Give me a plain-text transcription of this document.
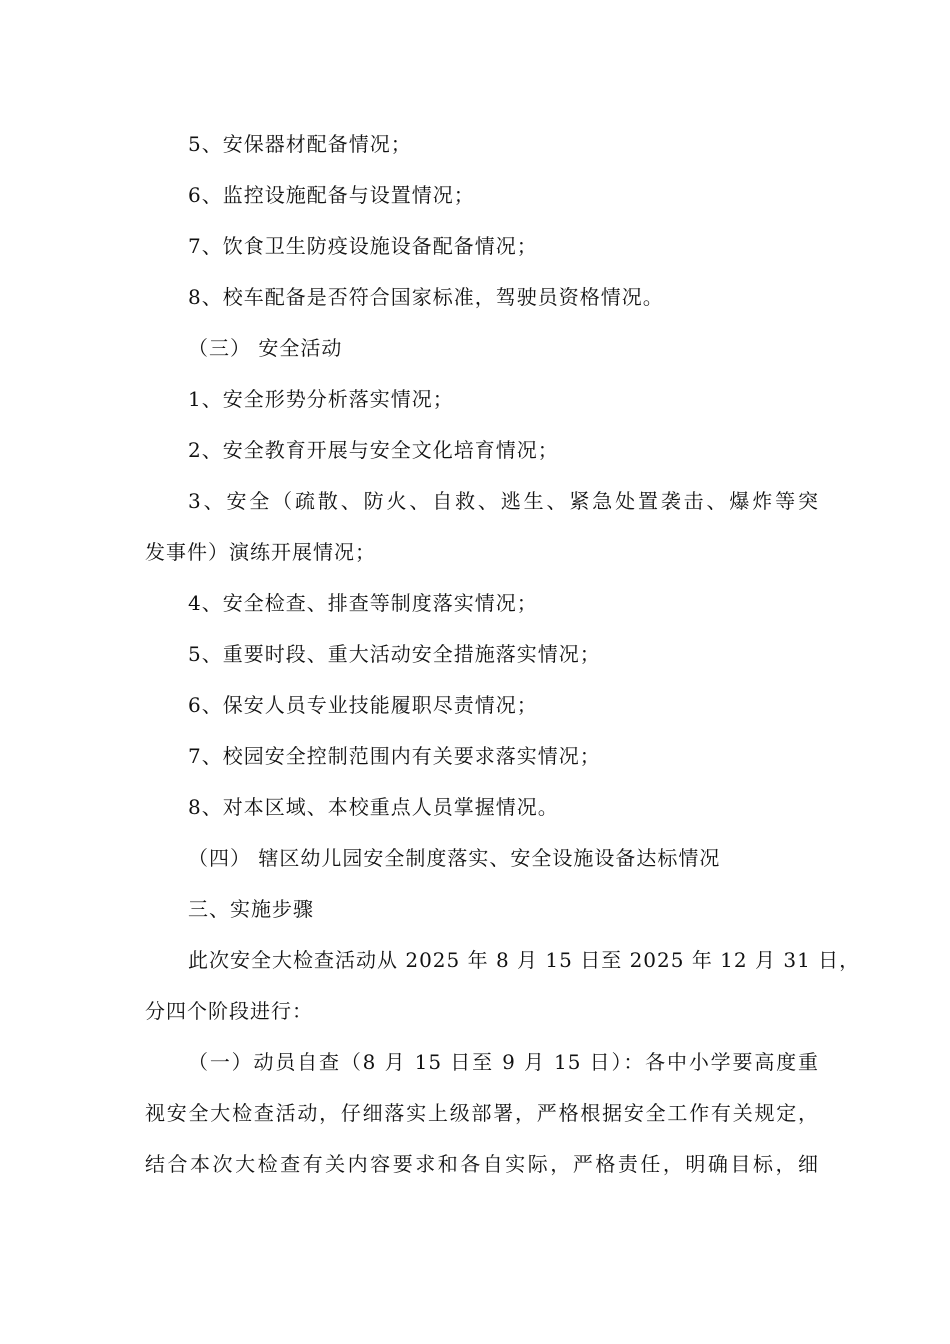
5、安保器材配备情况；
6、监控设施配备与设置情况；
7、饮食卫生防疫设施设备配备情况；
8、校车配备是否符合国家标准，驾驶员资格情况。
（三） 安全活动
1、安全形势分析落实情况；
2、安全教育开展与安全文化培育情况；
3、安全（疏散、防火、自救、逃生、紧急处置袭击、爆炸等突
发事件）演练开展情况；
4、安全检查、排查等制度落实情况；
5、重要时段、重大活动安全措施落实情况；
6、保安人员专业技能履职尽责情况；
7、校园安全控制范围内有关要求落实情况；
8、对本区域、本校重点人员掌握情况。
（四） 辖区幼儿园安全制度落实、安全设施设备达标情况
三、实施步骤
此次安全大检查活动从 2025 年 8 月 15 日至 2025 年 12 月 31 日，
分四个阶段进行：
（一）动员自查（8 月 15 日至 9 月 15 日）：各中小学要高度重
视安全大检查活动，仔细落实上级部署，严格根据安全工作有关规定，
结合本次大检查有关内容要求和各自实际，严格责任，明确目标，细
